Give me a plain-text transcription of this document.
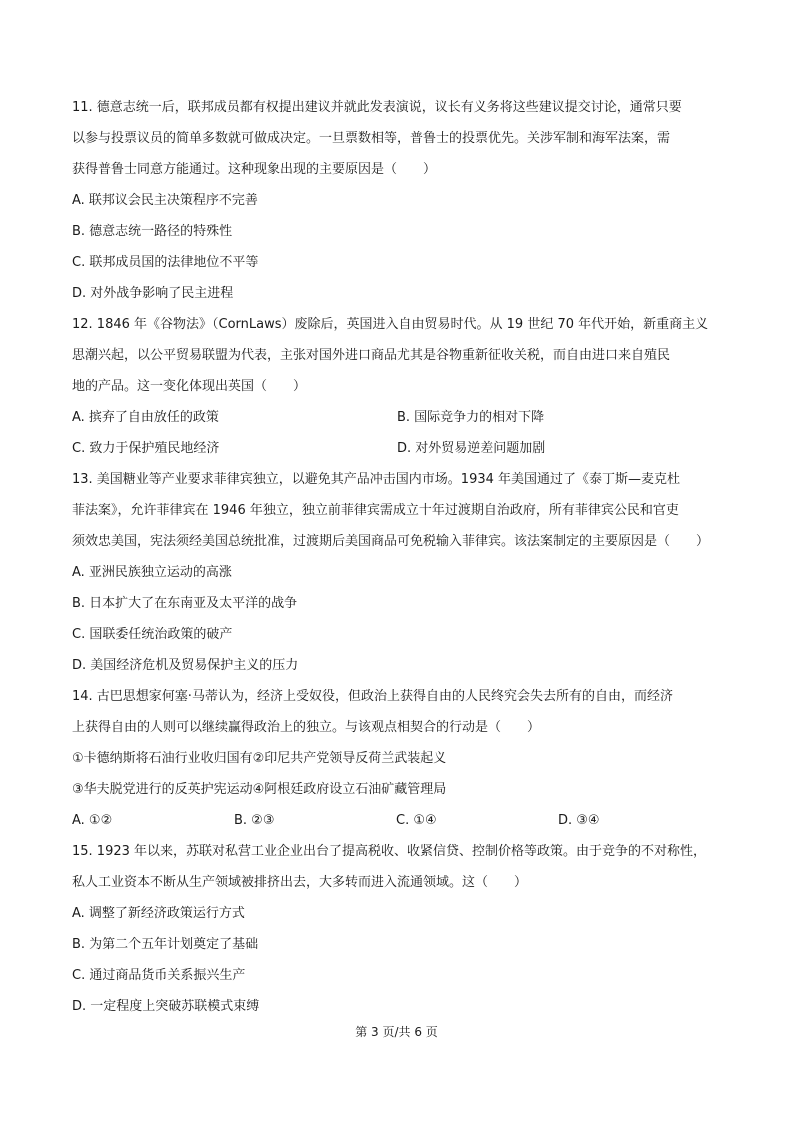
11. 德意志统一后，联邦成员都有权提出建议并就此发表演说，议长有义务将这些建议提交讨论，通常只要
以参与投票议员的简单多数就可做成决定。一旦票数相等，普鲁士的投票优先。关涉军制和海军法案，需
获得普鲁士同意方能通过。这种现象出现的主要原因是（　　）
A. 联邦议会民主决策程序不完善
B. 德意志统一路径的特殊性
C. 联邦成员国的法律地位不平等
D. 对外战争影响了民主进程
12. 1846 年《谷物法》（CornLaws）废除后，英国进入自由贸易时代。从 19 世纪 70 年代开始，新重商主义
思潮兴起，以公平贸易联盟为代表，主张对国外进口商品尤其是谷物重新征收关税，而自由进口来自殖民
地的产品。这一变化体现出英国（　　）
A. 摈弃了自由放任的政策	B. 国际竞争力的相对下降
C. 致力于保护殖民地经济	D. 对外贸易逆差问题加剧
13. 美国糖业等产业要求菲律宾独立，以避免其产品冲击国内市场。1934 年美国通过了《泰丁斯—麦克杜
菲法案》，允许菲律宾在 1946 年独立，独立前菲律宾需成立十年过渡期自治政府，所有菲律宾公民和官吏
须效忠美国，宪法须经美国总统批准，过渡期后美国商品可免税输入菲律宾。该法案制定的主要原因是（　　）
A. 亚洲民族独立运动的高涨
B. 日本扩大了在东南亚及太平洋的战争
C. 国联委任统治政策的破产
D. 美国经济危机及贸易保护主义的压力
14. 古巴思想家何塞·马蒂认为，经济上受奴役，但政治上获得自由的人民终究会失去所有的自由，而经济
上获得自由的人则可以继续赢得政治上的独立。与该观点相契合的行动是（　　）
①卡德纳斯将石油行业收归国有②印尼共产党领导反荷兰武装起义
③华夫脱党进行的反英护宪运动④阿根廷政府设立石油矿藏管理局
A. ①②	B. ②③	C. ①④	D. ③④
15. 1923 年以来，苏联对私营工业企业出台了提高税收、收紧信贷、控制价格等政策。由于竞争的不对称性，
私人工业资本不断从生产领域被排挤出去，大多转而进入流通领域。这（　　）
A. 调整了新经济政策运行方式
B. 为第二个五年计划奠定了基础
C. 通过商品货币关系振兴生产
D. 一定程度上突破苏联模式束缚
第 3 页/共 6 页
